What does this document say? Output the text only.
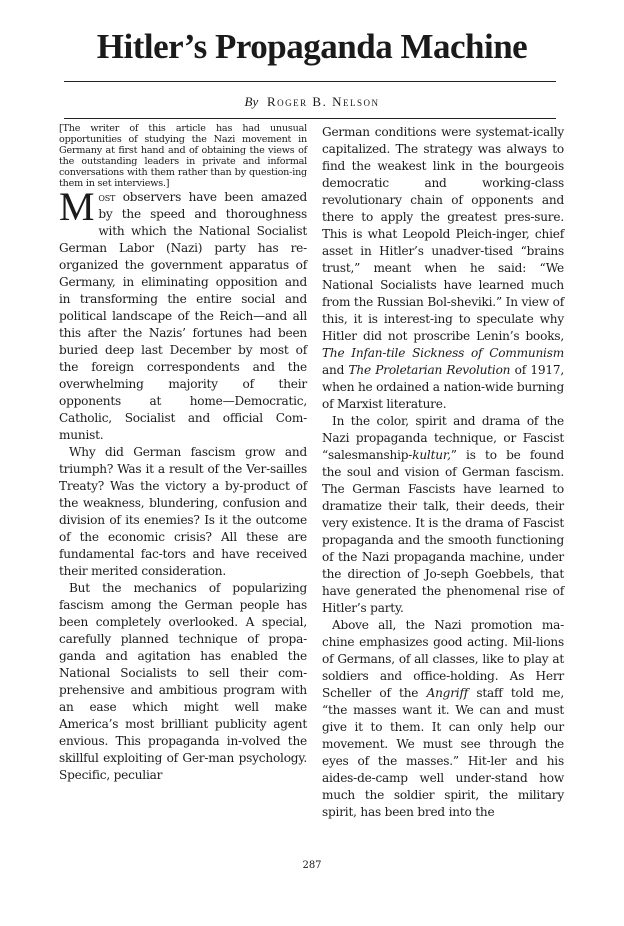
Hitler’s Propaganda Machine
By Roger B. Nelson

[The writer of this article has had unusual opportunities of studying the Nazi movement in Germany at first hand and of obtaining the views of the outstanding leaders in private and informal conversations with them rather than by question-ing them in set interviews.]

Most observers have been amazed by the speed and thoroughness with which the National Socialist German Labor (Nazi) party has re-organized the government apparatus of Germany, in eliminating opposition and in transforming the entire social and political landscape of the Reich—and all this after the Nazis’ fortunes had been buried deep last December by most of the foreign correspondents and the overwhelming majority of their opponents at home—Democratic, Catholic, Socialist and official Com-munist.

Why did German fascism grow and triumph? Was it a result of the Ver-sailles Treaty? Was the victory a by-product of the weakness, blundering, confusion and division of its enemies? Is it the outcome of the economic crisis? All these are fundamental fac-tors and have received their merited consideration.

But the mechanics of popularizing fascism among the German people has been completely overlooked. A special, carefully planned technique of propa-ganda and agitation has enabled the National Socialists to sell their com-prehensive and ambitious program with an ease which might well make America’s most brilliant publicity agent envious. This propaganda in-volved the skillful exploiting of Ger-man psychology. Specific, peculiar

German conditions were systemat-ically capitalized. The strategy was always to find the weakest link in the bourgeois democratic and working-class revolutionary chain of opponents and there to apply the greatest pres-sure. This is what Leopold Pleich-inger, chief asset in Hitler’s unadver-tised “brains trust,” meant when he said: “We National Socialists have learned much from the Russian Bol-sheviki.” In view of this, it is interest-ing to speculate why Hitler did not proscribe Lenin’s books, The Infan-tile Sickness of Communism and The Proletarian Revolution of 1917, when he ordained a nation-wide burning of Marxist literature.

In the color, spirit and drama of the Nazi propaganda technique, or Fascist “salesmanship-kultur,” is to be found the soul and vision of German fascism. The German Fascists have learned to dramatize their talk, their deeds, their very existence. It is the drama of Fascist propaganda and the smooth functioning of the Nazi propaganda machine, under the direction of Jo-seph Goebbels, that have generated the phenomenal rise of Hitler’s party.

Above all, the Nazi promotion ma-chine emphasizes good acting. Mil-lions of Germans, of all classes, like to play at soldiers and office-holding. As Herr Scheller of the Angriff staff told me, “the masses want it. We can and must give it to them. It can only help our movement. We must see through the eyes of the masses.” Hit-ler and his aides-de-camp well under-stand how much the soldier spirit, the military spirit, has been bred into the

287
